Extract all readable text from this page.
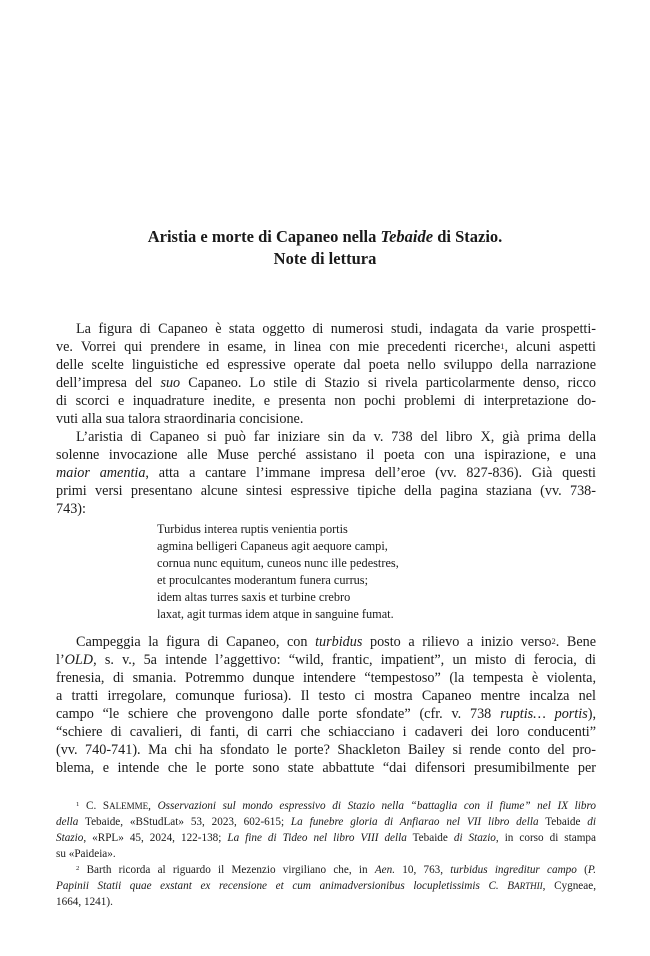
Aristia e morte di Capaneo nella Tebaide di Stazio.
Note di lettura
La figura di Capaneo è stata oggetto di numerosi studi, indagata da varie prospetti-
ve. Vorrei qui prendere in esame, in linea con mie precedenti ricerche$^1$, alcuni aspetti
delle scelte linguistiche ed espressive operate dal poeta nello sviluppo della narrazione
dell’impresa del suo Capaneo. Lo stile di Stazio si rivela particolarmente denso, ricco
di scorci e inquadrature inedite, e presenta non pochi problemi di interpretazione do-
vuti alla sua talora straordinaria concisione.
L’aristia di Capaneo si può far iniziare sin da v. 738 del libro X, già prima della
solenne invocazione alle Muse perché assistano il poeta con una ispirazione, e una
maior amentia, atta a cantare l’immane impresa dell’eroe (vv. 827-836). Già questi
primi versi presentano alcune sintesi espressive tipiche della pagina staziana (vv. 738-
743):
Turbidus interea ruptis venientia portis
agmina belligeri Capaneus agit aequore campi,
cornua nunc equitum, cuneos nunc ille pedestres,
et proculcantes moderantum funera currus;
idem altas turres saxis et turbine crebro
laxat, agit turmas idem atque in sanguine fumat.
Campeggia la figura di Capaneo, con turbidus posto a rilievo a inizio verso$^2$. Bene
l’OLD, s. v., 5a intende l’aggettivo: “wild, frantic, impatient”, un misto di ferocia, di
frenesia, di smania. Potremmo dunque intendere “tempestoso” (la tempesta è violenta,
a tratti irregolare, comunque furiosa). Il testo ci mostra Capaneo mentre incalza nel
campo “le schiere che provengono dalle porte sfondate” (cfr. v. 738 ruptis… portis),
“schiere di cavalieri, di fanti, di carri che schiacciano i cadaveri dei loro conducenti”
(vv. 740-741). Ma chi ha sfondato le porte? Shackleton Bailey si rende conto del pro-
blema, e intende che le porte sono state abbattute “dai difensori presumibilmente per
$^1$ C. SALEMME, Osservazioni sul mondo espressivo di Stazio nella “battaglia con il fiume” nel IX libro
della Tebaide, «BStudLat» 53, 2023, 602-615; La funebre gloria di Anfiarao nel VII libro della Tebaide di
Stazio, «RPL» 45, 2024, 122-138; La fine di Tideo nel libro VIII della Tebaide di Stazio, in corso di stampa
su «Paideia».
$^2$ Barth ricorda al riguardo il Mezenzio virgiliano che, in Aen. 10, 763, turbidus ingreditur campo (P.
Papinii Statii quae exstant ex recensione et cum animadversionibus locupletissimis C. BARTHII, Cygneae,
1664, 1241).
